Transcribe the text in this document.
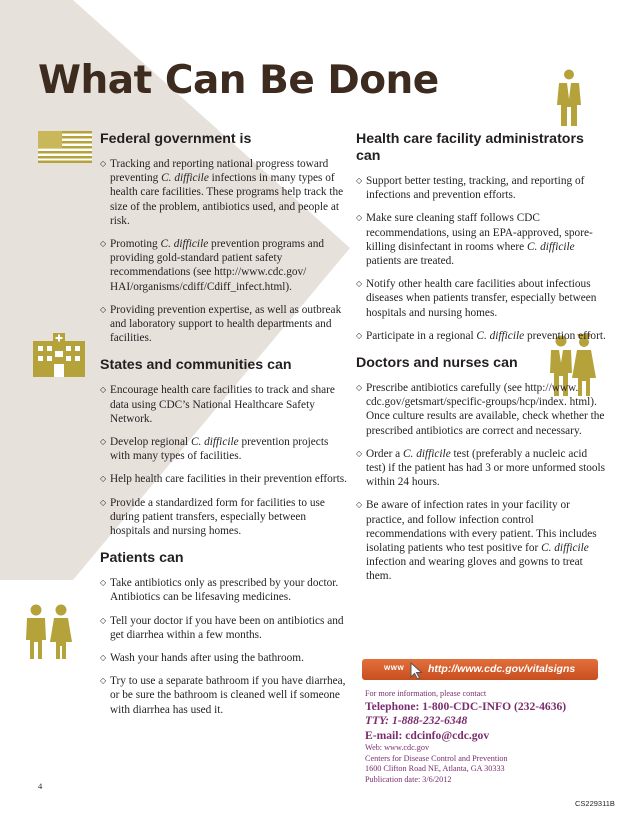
What Can Be Done
Federal government is
◇ Tracking and reporting national progress toward preventing C. difficile infections in many types of health care facilities. These programs help track the size of the problem, antibiotics used, and people at risk.
◇ Promoting C. difficile prevention programs and providing gold-standard patient safety recommendations (see http://www.cdc.gov/ HAI/organisms/cdiff/Cdiff_infect.html).
◇ Providing prevention expertise, as well as outbreak and laboratory support to health departments and facilities.
States and communities can
◇ Encourage health care facilities to track and share data using CDC’s National Healthcare Safety Network.
◇ Develop regional C. difficile prevention projects with many types of facilities.
◇ Help health care facilities in their prevention efforts.
◇ Provide a standardized form for facilities to use during patient transfers, especially between hospitals and nursing homes.
Patients can
◇ Take antibiotics only as prescribed by your doctor. Antibiotics can be lifesaving medicines.
◇ Tell your doctor if you have been on antibiotics and get diarrhea within a few months.
◇ Wash your hands after using the bathroom.
◇ Try to use a separate bathroom if you have diarrhea, or be sure the bathroom is cleaned well if someone with diarrhea has used it.
Health care facility administrators can
◇ Support better testing, tracking, and reporting of infections and prevention efforts.
◇ Make sure cleaning staff follows CDC recommendations, using an EPA-approved, spore-killing disinfectant in rooms where C. difficile patients are treated.
◇ Notify other health care facilities about infectious diseases when patients transfer, especially between hospitals and nursing homes.
◇ Participate in a regional C. difficile prevention effort.
Doctors and nurses can
◇ Prescribe antibiotics carefully (see http://www. cdc.gov/getsmart/specific-groups/hcp/index. html). Once culture results are available, check whether the prescribed antibiotics are correct and necessary.
◇ Order a C. difficile test (preferably a nucleic acid test) if the patient has had 3 or more unformed stools within 24 hours.
◇ Be aware of infection rates in your facility or practice, and follow infection control recommendations with every patient. This includes isolating patients who test positive for C. difficile infection and wearing gloves and gowns to treat them.
www http://www.cdc.gov/vitalsigns
For more information, please contact
Telephone: 1-800-CDC-INFO (232-4636)
TTY: 1-888-232-6348
E-mail: cdcinfo@cdc.gov
Web: www.cdc.gov
Centers for Disease Control and Prevention
1600 Clifton Road NE, Atlanta, GA 30333
Publication date: 3/6/2012
4
CS229311B
